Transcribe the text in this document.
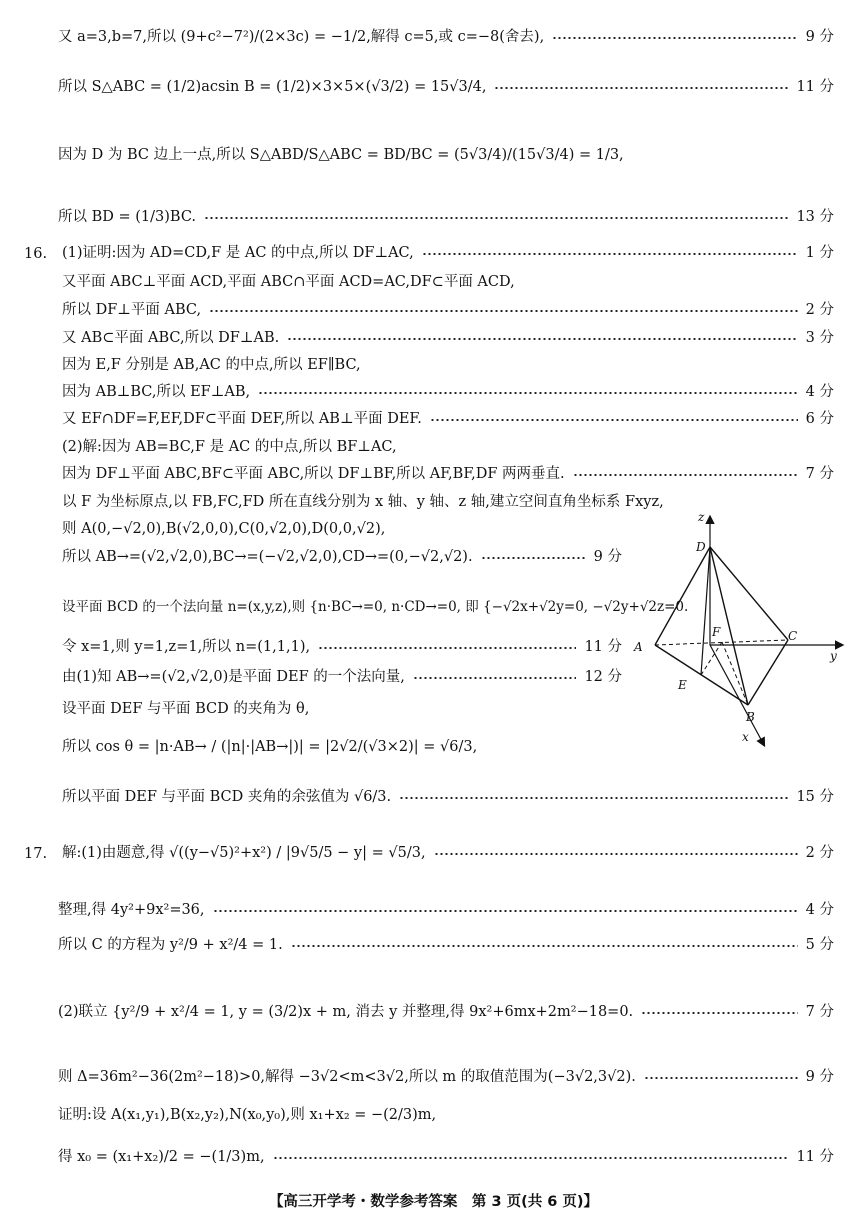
又 a=3,b=7,所以 (9+c²−7²)/(2×3c) = −1/2,解得 c=5,或 c=−8(舍去),	9 分
所以 S△ABC = (1/2)acsin B = (1/2)×3×5×(√3/2) = 15√3/4,	11 分
因为 D 为 BC 边上一点,所以 S△ABD/S△ABC = BD/BC = (5√3/4)/(15√3/4) = 1/3,
所以 BD = (1/3)BC.	13 分
16. (1)证明:因为 AD=CD,F 是 AC 的中点,所以 DF⊥AC,	1 分
又平面 ABC⊥平面 ACD,平面 ABC∩平面 ACD=AC,DF⊂平面 ACD,
所以 DF⊥平面 ABC,	2 分
又 AB⊂平面 ABC,所以 DF⊥AB.	3 分
因为 E,F 分别是 AB,AC 的中点,所以 EF∥BC,
因为 AB⊥BC,所以 EF⊥AB,	4 分
又 EF∩DF=F,EF,DF⊂平面 DEF,所以 AB⊥平面 DEF.	6 分
(2)解:因为 AB=BC,F 是 AC 的中点,所以 BF⊥AC,
因为 DF⊥平面 ABC,BF⊂平面 ABC,所以 DF⊥BF,所以 AF,BF,DF 两两垂直.	7 分
以 F 为坐标原点,以 FB,FC,FD 所在直线分别为 x 轴、y 轴、z 轴,建立空间直角坐标系 Fxyz,
则 A(0,−√2,0),B(√2,0,0),C(0,√2,0),D(0,0,√2),
所以 AB→=(√2,√2,0),BC→=(−√2,√2,0),CD→=(0,−√2,√2).	9 分
设平面 BCD 的一个法向量 n=(x,y,z),则 {n·BC→=0, n·CD→=0, 即 {−√2x+√2y=0, −√2y+√2z=0.
令 x=1,则 y=1,z=1,所以 n=(1,1,1),	11 分
由(1)知 AB→=(√2,√2,0)是平面 DEF 的一个法向量,	12 分
设平面 DEF 与平面 BCD 的夹角为 θ,
所以 cos θ = |n·AB→ / (|n|·|AB→|)| = |2√2/(√3×2)| = √6/3,
所以平面 DEF 与平面 BCD 夹角的余弦值为 √6/3.	15 分
17. 解:(1)由题意,得 √((y−√5)²+x²) / |9√5/5 − y| = √5/3,	2 分
整理,得 4y²+9x²=36,	4 分
所以 C 的方程为 y²/9 + x²/4 = 1.	5 分
(2)联立 {y²/9 + x²/4 = 1, y = (3/2)x + m, 消去 y 并整理,得 9x²+6mx+2m²−18=0.	7 分
则 Δ=36m²−36(2m²−18)>0,解得 −3√2<m<3√2,所以 m 的取值范围为(−3√2,3√2).	9 分
证明:设 A(x₁,y₁),B(x₂,y₂),N(x₀,y₀),则 x₁+x₂ = −(2/3)m,
得 x₀ = (x₁+x₂)/2 = −(1/3)m,	11 分
z
y
x
A
B
C
D
E
F
【高三开学考・数学参考答案　第 3 页(共 6 页)】
